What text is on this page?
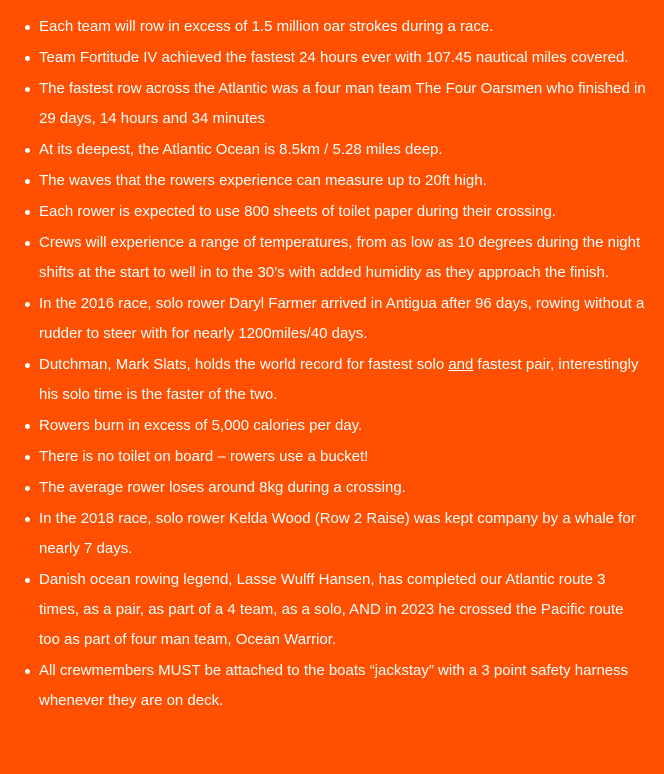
Each team will row in excess of 1.5 million oar strokes during a race.
Team Fortitude IV achieved the fastest 24 hours ever with 107.45 nautical miles covered.
The fastest row across the Atlantic was a four man team The Four Oarsmen who finished in 29 days, 14 hours and 34 minutes
At its deepest, the Atlantic Ocean is 8.5km / 5.28 miles deep.
The waves that the rowers experience can measure up to 20ft high.
Each rower is expected to use 800 sheets of toilet paper during their crossing.
Crews will experience a range of temperatures, from as low as 10 degrees during the night shifts at the start to well in to the 30’s with added humidity as they approach the finish.
In the 2016 race, solo rower Daryl Farmer arrived in Antigua after 96 days, rowing without a rudder to steer with for nearly 1200miles/40 days.
Dutchman, Mark Slats, holds the world record for fastest solo and fastest pair, interestingly his solo time is the faster of the two.
Rowers burn in excess of 5,000 calories per day.
There is no toilet on board – rowers use a bucket!
The average rower loses around 8kg during a crossing.
In the 2018 race, solo rower Kelda Wood (Row 2 Raise) was kept company by a whale for nearly 7 days.
Danish ocean rowing legend, Lasse Wulff Hansen, has completed our Atlantic route 3 times, as a pair, as part of a 4 team, as a solo, AND in 2023 he crossed the Pacific route too as part of four man team, Ocean Warrior.
All crewmembers MUST be attached to the boats “jackstay” with a 3 point safety harness whenever they are on deck.
